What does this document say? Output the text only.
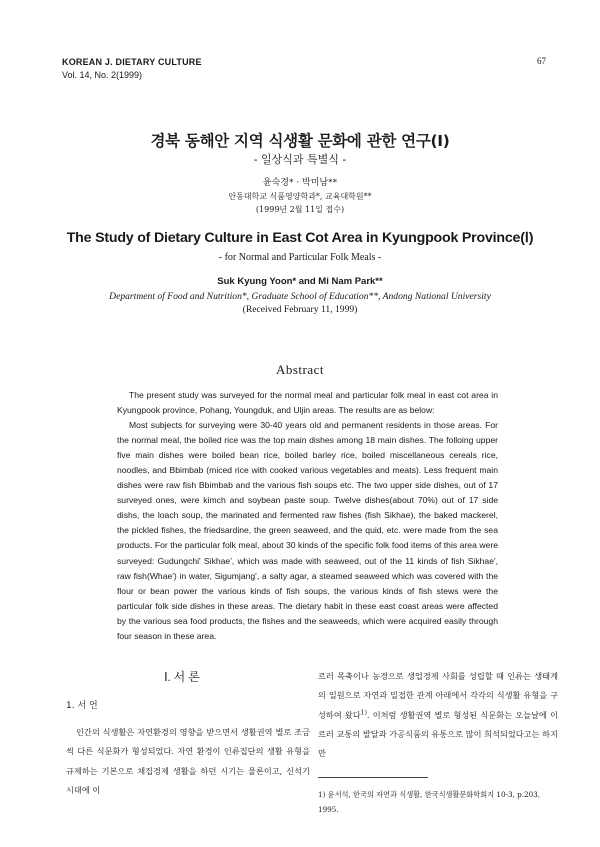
KOREAN J. DIETARY CULTURE
Vol. 14, No. 2(1999)
67
경북 동해안 지역 식생활 문화에 관한 연구(Ⅰ)
- 일상식과 특별식 -
윤숙경* · 박미남**
안동대학교 식품영양학과*, 교육대학원**
(1999년 2월 11일 접수)
The Study of Dietary Culture in East Cot Area in Kyungpook Province(Ⅰ)
- for Normal and Particular Folk Meals -
Suk Kyung Yoon* and Mi Nam Park**
Department of Food and Nutrition*, Graduate School of Education**, Andong National University
(Received February 11, 1999)
Abstract

The present study was surveyed for the normal meal and particular folk meal in east cot area in Kyungpook province, Pohang, Youngduk, and Uljin areas. The results are as below:

Most subjects for surveying were 30-40 years old and permanent residents in those areas. For the normal meal, the boiled rice was the top main dishes among 18 main dishes. The folloing upper five main dishes were boiled bean rice, boiled barley rice, boiled miscellaneous cereals rice, noodles, and Bbimbab (miced rice with cooked various vegetables and meats). Less frequent main dishes were raw fish Bbimbab and the various fish soups etc. The two upper side dishes, out of 17 surveyed ones, were kimch and soybean paste soup. Twelve dishes(about 70%) out of 17 side dishs, the loach soup, the marinated and fermented raw fishes (fish Sikhae), the baked mackerel, the pickled fishes, the friedsardine, the green seaweed, and the quid, etc. were made from the sea products. For the particular folk meal, about 30 kinds of the specific folk food items of this area were surveyed: Gudungchi' Sikhae', which was made with seaweed, out of the 11 kinds of fish Sikhae', raw fish(Whae') in water, Sigumjang', a salty agar, a steamed seaweed which was covered with the flour or bean power the various kinds of fish soups, the various kinds of fish stews were the particular folk side dishes in these areas. The dietary habit in these east coast areas were affected by the various sea food products, the fishes and the seaweeds, which were acquired easily through four season in these area.

Ⅰ. 서 론
1. 서 언

인간의 식생활은 자연환경의 영향을 받으면서 생활권역 별로 조금씩 다른 식문화가 형성되었다. 자연 환경이 인류집단의 생활 유형을 규제하는 기본으로 채집경제 생활을 하던 시기는 물론이고, 신석기 시대에 이

르러 목축이나 농경으로 생업경제 사회를 성립할 때 인류는 생태계의 일원으로 자연과 밀접한 관계 아래에서 각각의 식생활 유형을 구성하여 왔다$^{1)}$. 이처럼 생활권역 별로 형성된 식문화는 오늘날에 이르러 교통의 발달과 가공식품의 유통으로 많이 희석되었다고는 하지만

1) 윤서석, 한국의 자연과 식생활, 한국식생활문화학회지 10-3, p.203, 1995.
